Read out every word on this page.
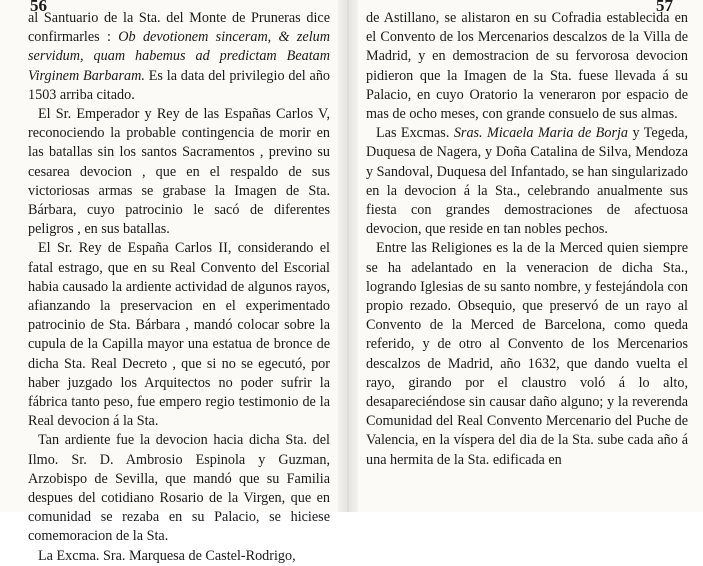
56

al Santuario de la Sta. del Monte de Pruneras dice confirmarles : Ob devotionem sinceram, & zelum servidum, quam habemus ad predictam Beatam Virginem Barbaram. Es la data del privilegio del año 1503 arriba citado.

El Sr. Emperador y Rey de las Españas Carlos V, reconociendo la probable contingencia de morir en las batallas sin los santos Sacramentos , previno su cesarea devocion , que en el respaldo de sus victoriosas armas se grabase la Imagen de Sta. Bárbara, cuyo patrocinio le sacó de diferentes peligros , en sus batallas.

El Sr. Rey de España Carlos II, considerando el fatal estrago, que en su Real Convento del Escorial habia causado la ardiente actividad de algunos rayos, afianzando la preservacion en el experimentado patrocinio de Sta. Bárbara , mandó colocar sobre la cupula de la Capilla mayor una estatua de bronce de dicha Sta. Real Decreto , que si no se egecutó, por haber juzgado los Arquitectos no poder sufrir la fábrica tanto peso, fue empero regio testimonio de la Real devocion á la Sta.

Tan ardiente fue la devocion hacia dicha Sta. del Ilmo. Sr. D. Ambrosio Espinola y Guzman, Arzobispo de Sevilla, que mandó que su Familia despues del cotidiano Rosario de la Virgen, que en comunidad se rezaba en su Palacio, se hiciese comemoracion de la Sta.

La Excma. Sra. Marquesa de Castel-Rodrigo,

57

de Astillano, se alistaron en su Cofradia establecida en el Convento de los Mercenarios descalzos de la Villa de Madrid, y en demostracion de su fervorosa devocion pidieron que la Imagen de la Sta. fuese llevada á su Palacio, en cuyo Oratorio la veneraron por espacio de mas de ocho meses, con grande consuelo de sus almas.

Las Excmas. Sras. Micaela Maria de Borja y Tegeda, Duquesa de Nagera, y Doña Catalina de Silva, Mendoza y Sandoval, Duquesa del Infantado, se han singularizado en la devocion á la Sta., celebrando anualmente sus fiesta con grandes demostraciones de afectuosa devocion, que reside en tan nobles pechos.

Entre las Religiones es la de la Merced quien siempre se ha adelantado en la veneracion de dicha Sta., logrando Iglesias de su santo nombre, y festejándola con propio rezado. Obsequio, que preservó de un rayo al Convento de la Merced de Barcelona, como queda referido, y de otro al Convento de los Mercenarios descalzos de Madrid, año 1632, que dando vuelta el rayo, girando por el claustro voló á lo alto, desapareciéndose sin causar daño alguno; y la reverenda Comunidad del Real Convento Mercenario del Puche de Valencia, en la víspera del dia de la Sta. sube cada año á una hermita de la Sta. edificada en
